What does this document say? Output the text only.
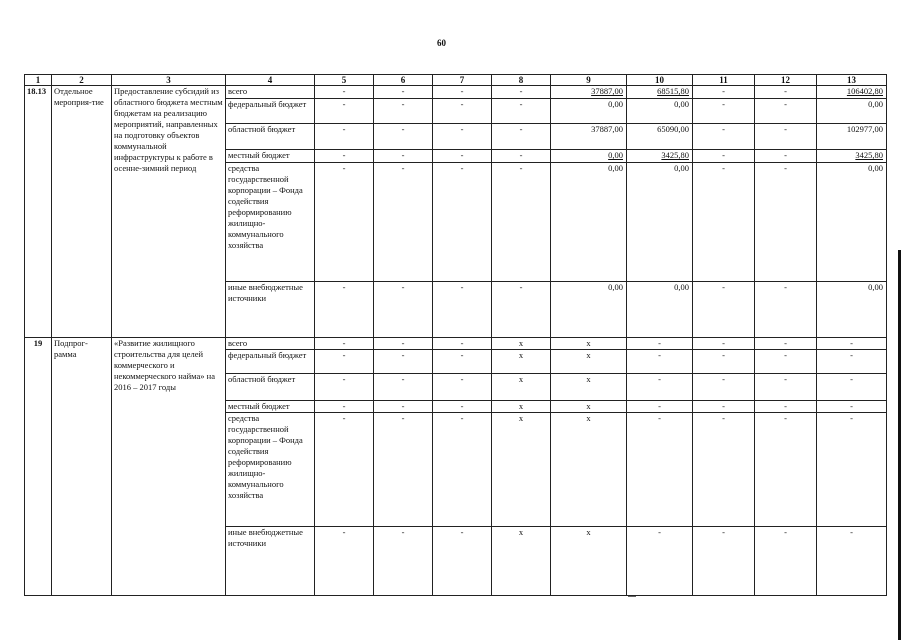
60
1	2	3	4	5	6	7	8	9	10	11	12	13
18.13	Отдельное мероприя-тие	Предоставление субсидий из областного бюджета местным бюджетам на реализацию мероприятий, направленных на подготовку объектов коммунальной инфраструктуры к работе в осенне-зимний период	всего	-	-	-	-	37887,00	68515,80	-	-	106402,80
			федеральный бюджет	-	-	-	-	0,00	0,00	-	-	0,00
			областной бюджет	-	-	-	-	37887,00	65090,00	-	-	102977,00
			местный бюджет	-	-	-	-	0,00	3425,80	-	-	3425,80
			средства государственной корпорации – Фонда содействия реформированию жилищно-коммунального хозяйства	-	-	-	-	0,00	0,00	-	-	0,00
			иные внебюджетные источники	-	-	-	-	0,00	0,00	-	-	0,00
19	Подпрог-рамма	«Развитие жилищного строительства для целей коммерческого и некоммерческого найма» на 2016 – 2017 годы	всего	-	-	-	x	x	-	-	-	-
			федеральный бюджет	-	-	-	x	x	-	-	-	-
			областной бюджет	-	-	-	x	x	-	-	-	-
			местный бюджет	-	-	-	x	x	-	-	-	-
			средства государственной корпорации – Фонда содействия реформированию жилищно-коммунального хозяйства	-	-	-	x	x	-	-	-	-
			иные внебюджетные источники	-	-	-	x	x	-	-	-	-
